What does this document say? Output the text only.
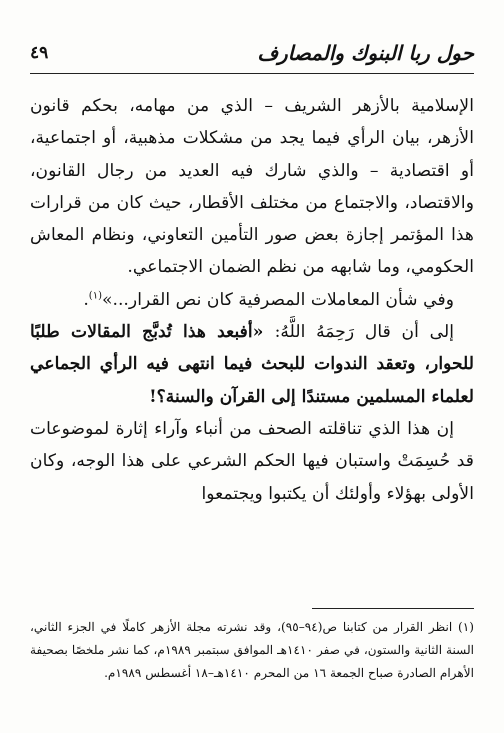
حول ربا البنوك والمصارف
٤٩

الإسلامية بالأزهر الشريف – الذي من مهامه، بحكم قانون الأزهر، بيان الرأي فيما يجد من مشكلات مذهبية، أو اجتماعية، أو اقتصادية – والذي شارك فيه العديد من رجال القانون، والاقتصاد، والاجتماع من مختلف الأقطار، حيث كان من قرارات هذا المؤتمر إجازة بعض صور التأمين التعاوني، ونظام المعاش الحكومي، وما شابهه من نظم الضمان الاجتماعي.

وفي شأن المعاملات المصرفية كان نص القرار...»$^{(١)}$.

إلى أن قال رَحِمَهُ اللَّهُ: «أفبعد هذا تُدبَّج المقالات طلبًا للحوار، وتعقد الندوات للبحث فيما انتهى فيه الرأي الجماعي لعلماء المسلمين مستندًا إلى القرآن والسنة؟!

إن هذا الذي تناقلته الصحف من أنباء وآراء إثارة لموضوعات قد حُسِمَتْ واستبان فيها الحكم الشرعي على هذا الوجه، وكان الأولى بهؤلاء وأولئك أن يكتبوا ويجتمعوا

(١) انظر القرار من كتابنا ص(٩٤–٩٥)، وقد نشرته مجلة الأزهر كاملًا في الجزء الثاني، السنة الثانية والستون، في صفر ١٤١٠هـ الموافق سبتمبر ١٩٨٩م، كما نشر ملخصًا بصحيفة الأهرام الصادرة صباح الجمعة ١٦ من المحرم ١٤١٠هـ–١٨ أغسطس ١٩٨٩م.
